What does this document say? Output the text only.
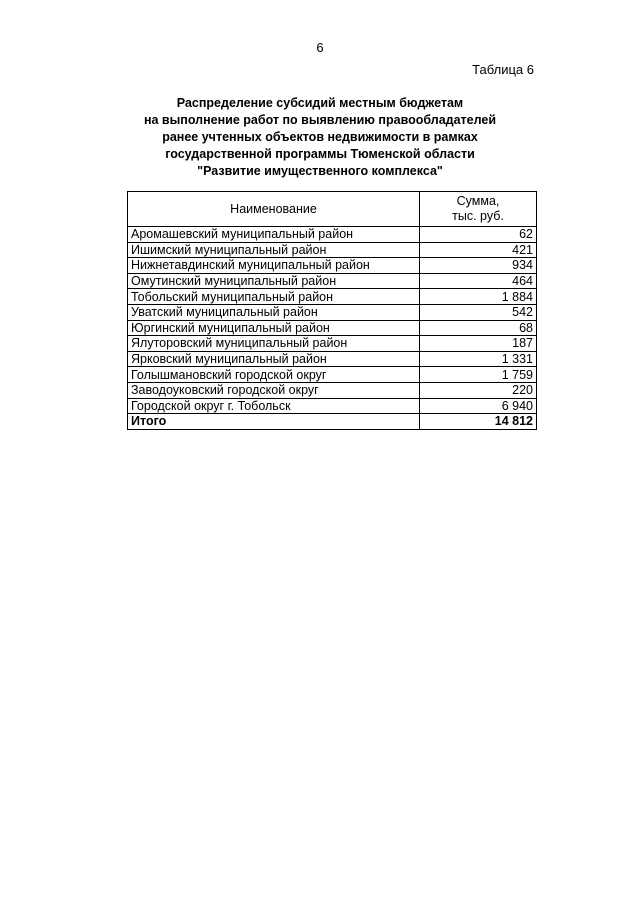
6
Таблица 6
Распределение субсидий местным бюджетам
на выполнение работ по выявлению правообладателей
ранее учтенных объектов недвижимости в рамках
государственной программы Тюменской области
"Развитие имущественного комплекса"
Наименование	Сумма,
тыс. руб.

Аромашевский муниципальный район	62
Ишимский муниципальный район	421
Нижнетавдинский муниципальный район	934
Омутинский муниципальный район	464
Тобольский муниципальный район	1 884
Уватский муниципальный район	542
Юргинский муниципальный район	68
Ялуторовский муниципальный район	187
Ярковский муниципальный район	1 331
Голышмановский городской округ	1 759
Заводоуковский городской округ	220
Городской округ г. Тобольск	6 940
Итого	14 812
